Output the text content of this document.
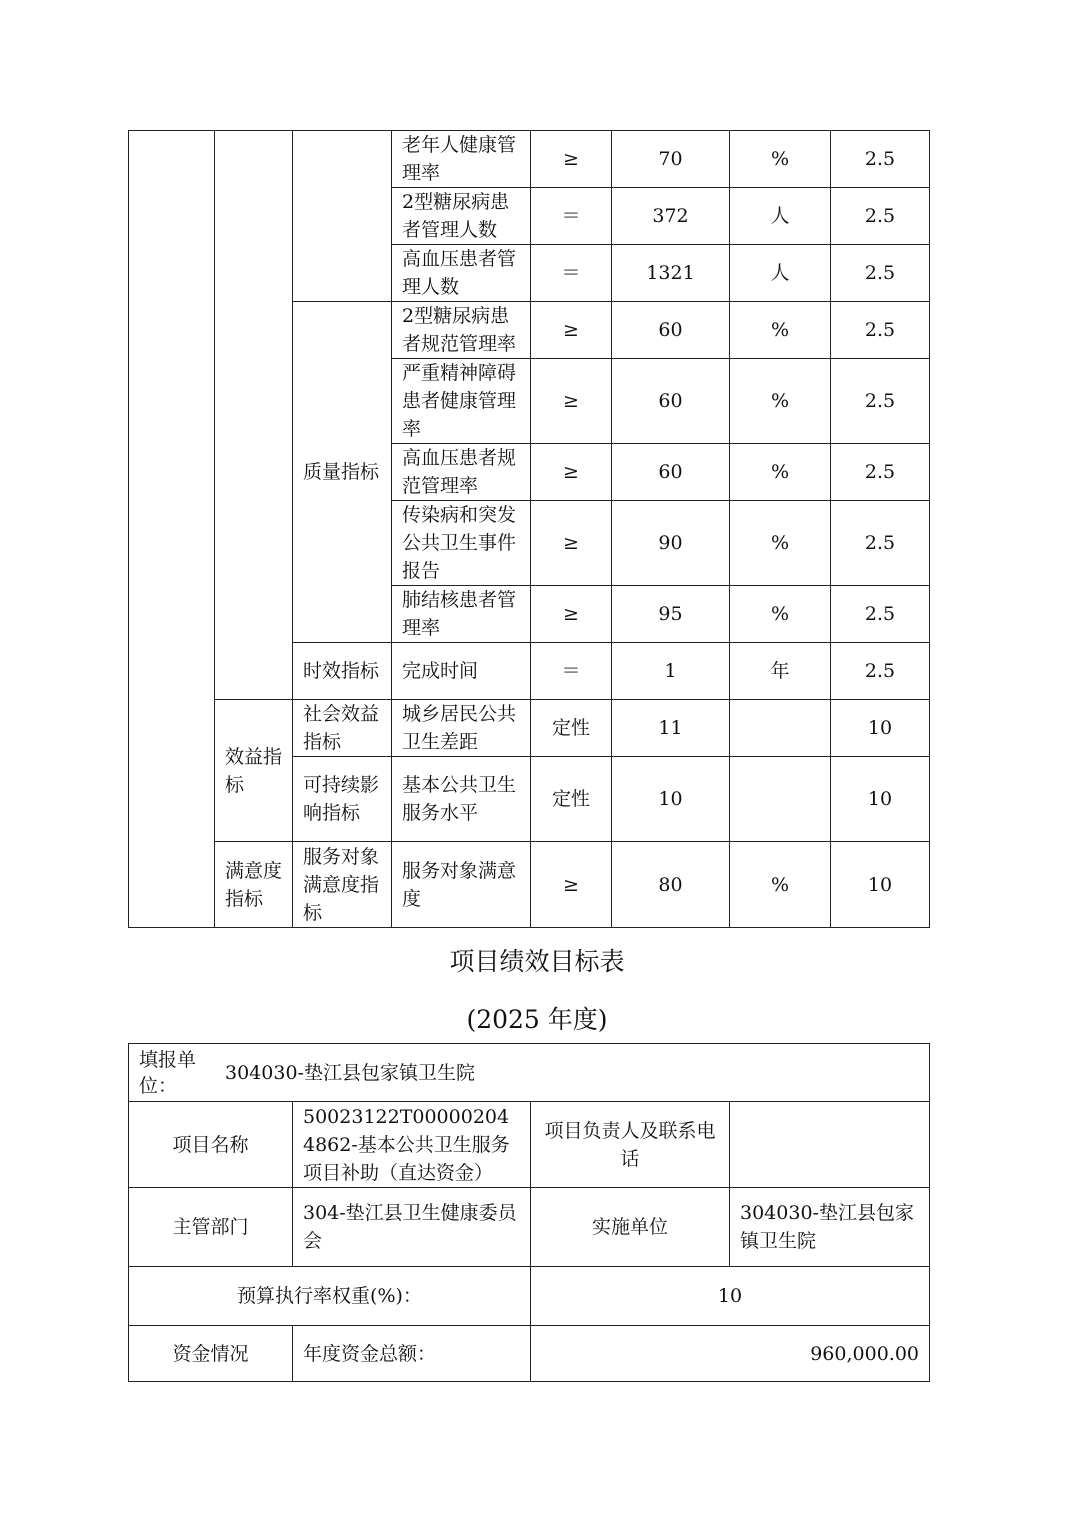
			老年人健康管理率	≥	70	%	2.5
			2型糖尿病患者管理人数	＝	372	人	2.5
			高血压患者管理人数	＝	1321	人	2.5
		质量指标	2型糖尿病患者规范管理率	≥	60	%	2.5
			严重精神障碍患者健康管理率	≥	60	%	2.5
			高血压患者规范管理率	≥	60	%	2.5
			传染病和突发公共卫生事件报告	≥	90	%	2.5
			肺结核患者管理率	≥	95	%	2.5
		时效指标	完成时间	＝	1	年	2.5
	效益指标	社会效益指标	城乡居民公共卫生差距	定性	11		10
		可持续影响指标	基本公共卫生服务水平	定性	10		10
	满意度指标	服务对象满意度指标	服务对象满意度	≥	80	%	10
项目绩效目标表
(2025 年度)
填报单位：
304030-垫江县包家镇卫生院			

项目名称	50023122T000002044862-基本公共卫生服务项目补助（直达资金）	项目负责人及联系电话	
主管部门	304-垫江县卫生健康委员会	实施单位	304030-垫江县包家镇卫生院
预算执行率权重(%)：		10	
资金情况	年度资金总额：	960,000.00	
